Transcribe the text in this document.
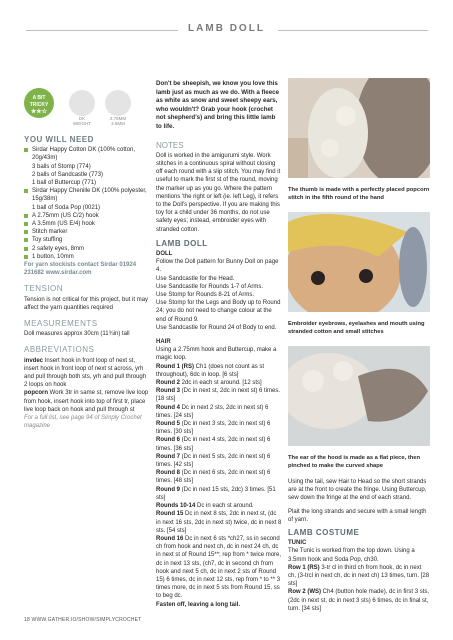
LAMB DOLL
A BIT
TRICKY
★★☆
DK
WEIGHT
2.75MM
3.5MM
YOU WILL NEED
Sirdar Happy Cotton DK (100% cotton, 20g/43m)
3 balls of Stomp (774)
2 balls of Sandcastle (773)
1 ball of Buttercup (771)
Sirdar Happy Chenille DK (100% polyester, 15g/38m)
1 ball of Soda Pop (0021)
A 2.75mm (US C/2) hook
A 3.5mm (US E/4) hook
Stitch marker
Toy stuffing
2 safety eyes, 8mm
1 button, 10mm
For yarn stockists contact Sirdar 01924 231682 www.sirdar.com
TENSION
Tension is not critical for this project, but it may affect the yarn quantities required
MEASUREMENTS
Doll measures approx 30cm (11¾in) tall
ABBREVIATIONS
invdec Insert hook in front loop of next st, insert hook in front loop of next st across, yrh and pull through both sts, yrh and pull through 2 loops on hook
popcorn Work 3tr in same st, remove live loop from hook, insert hook into top of first tr, place live loop back on hook and pull through st
For a full list, see page 94 of Simply Crochet magazine
Don't be sheepish, we know you love this lamb just as much as we do. With a fleece as white as snow and sweet sheepy ears, who wouldn't? Grab your hook (crochet not shepherd's) and bring this little lamb to life.
NOTES

Doll is worked in the amigurumi style. Work stitches in a continuous spiral without closing off each round with a slip stitch. You may find it useful to mark the first st of the round, moving the marker up as you go. Where the pattern mentions 'the right or left (ie. left Leg), it refers to the Doll's perspective. If you are making this toy for a child under 36 months, do not use safety eyes; instead, embroider eyes with stranded cotton.

LAMB DOLL
DOLL
Follow the Doll pattern for Bunny Doll on page 4.
Use Sandcastle for the Head.
Use Sandcastle for Rounds 1-7 of Arms.
Use Stomp for Rounds 8-21 of Arms.
Use Stomp for the Legs and Body up to Round 24; you do not need to change colour at the end of Round 9.
Use Sandcastle for Round 24 of Body to end.
HAIR
Using a 2.75mm hook and Buttercup, make a magic loop.
Round 1 (RS) Ch1 (does not count as st throughout), 6dc in loop. [6 sts]
Round 2 2dc in each st around. [12 sts]
Round 3 (Dc in next st, 2dc in next st) 6 times. [18 sts]
Round 4 Dc in next 2 sts, 2dc in next st) 6 times. [24 sts]
Round 5 (Dc in next 3 sts, 2dc in next st) 6 times. [30 sts]
Round 6 (Dc in next 4 sts, 2dc in next st) 6 times. [36 sts]
Round 7 (Dc in next 5 sts, 2dc in next st) 6 times. [42 sts]
Round 8 (Dc in next 6 sts, 2dc in next st) 6 times. [48 sts]
Round 9 (Dc in next 15 sts, 2dc) 3 times. [51 sts]
Rounds 10-14 Dc in each st around.
Round 15 Dc in next 8 sts, 2dc in next st, (dc in next 16 sts, 2dc in next st) twice, dc in next 8 sts. [54 sts]
Round 16 Dc in next 6 sts *ch27, ss in second ch from hook and next ch, dc in next 24 ch, dc in next st of Round 15**; rep from * twice more, dc in next 13 sts, (ch7, dc in second ch from hook and next 5 ch, dc in next 2 sts of Round 15) 6 times, dc in next 12 sts, rep from * to ** 3 times more, dc in next 5 sts from Round 15, ss to beg dc.
Fasten off, leaving a long tail.
The thumb is made with a perfectly placed popcorn stitch in the fifth round of the hand
Embroider eyebrows, eyelashes and mouth using stranded cotton and small stitches
The ear of the hood is made as a flat piece, then pinched to make the curved shape

Using the tail, sew Hair to Head so the short strands are at the front to create the fringe. Using Buttercup, sew down the fringe at the end of each strand.

Plait the long strands and secure with a small length of yarn.

LAMB COSTUME
TUNIC
The Tunic is worked from the top down. Using a 3.5mm hook and Soda Pop, ch30.
Row 1 (RS) 3-tr cl in third ch from hook, dc in next ch, (3-trcl in next ch, dc in next ch) 13 times, turn. [28 sts]
Row 2 (WS) Ch4 (button hole made), dc in first 3 sts, (2dc in next st, dc in next 3 sts) 6 times, dc in final st, turn. [34 sts]
18 WWW.GATHER.IO/SHOW/SIMPLYCROCHET
